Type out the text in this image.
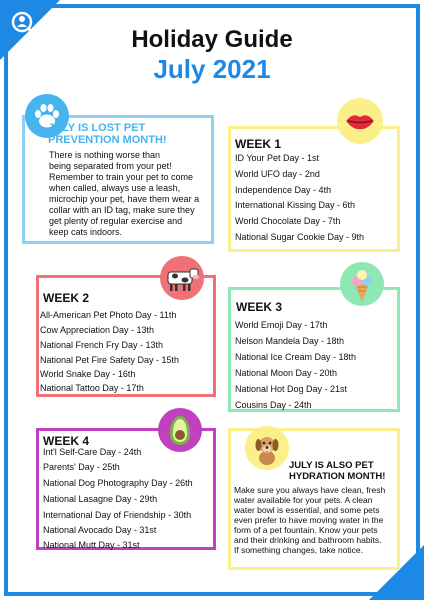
Holiday Guide
July 2021
JULY IS LOST PET PREVENTION MONTH!
There is nothing worse than
being separated from your pet!
Remember to train your pet to come
when called, always use a leash,
microchip your pet, have them wear a
collar with an ID tag, make sure they
get plenty of regular exercise and
keep cats indoors.
WEEK 1
ID Your Pet Day - 1st
World UFO day - 2nd
Independence Day - 4th
International Kissing Day - 6th
World Chocolate Day - 7th
National Sugar Cookie Day - 9th
WEEK 2
All-American Pet Photo Day - 11th
Cow Appreciation Day - 13th
National French Fry Day - 13th
National Pet Fire Safety Day - 15th
World Snake Day - 16th
National Tattoo Day - 17th
WEEK 3
World Emoji Day - 17th
Nelson Mandela Day - 18th
National Ice Cream Day - 18th
National Moon Day - 20th
National Hot Dog Day - 21st
Cousins Day - 24th
WEEK 4
Int'l Self-Care Day - 24th
Parents' Day - 25th
National Dog Photography Day - 26th
National Lasagne Day - 29th
International Day of Friendship - 30th
National Avocado Day - 31st
National Mutt Day - 31st
JULY IS ALSO PET HYDRATION MONTH!
Make sure you always have clean, fresh
water available for your pets. A clean
water bowl is essential, and some pets
even prefer to have moving water in the
form of a pet fountain. Know your pets
and their drinking and bathroom habits.
If something changes, take notice.
